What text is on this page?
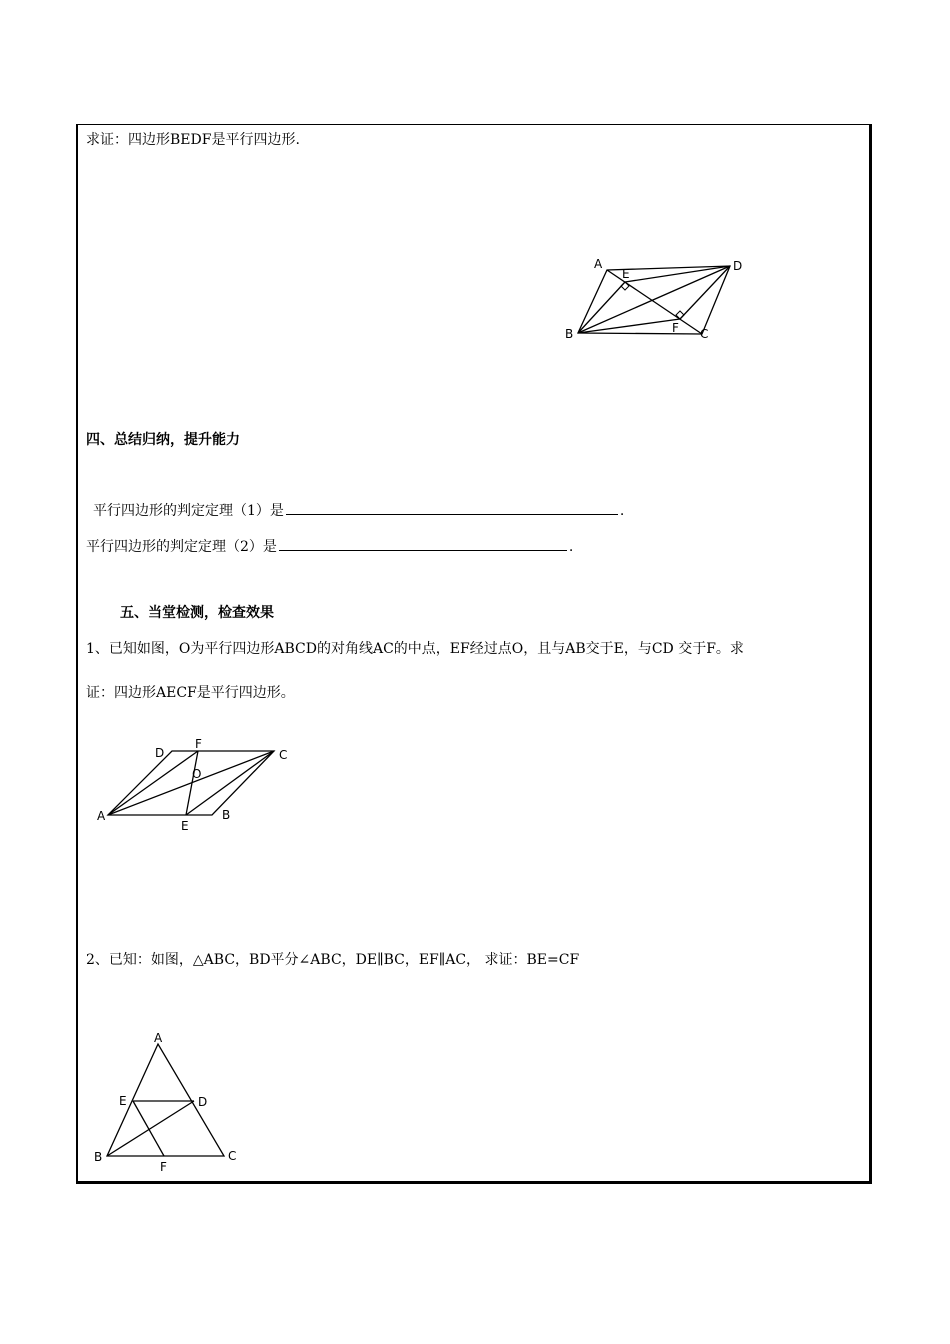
求证：四边形BEDF是平行四边形.
A
E
D
B	F C
四、总结归纳，提升能力
平行四边形的判定定理（1）是	.
平行四边形的判定定理（2）是	.
五、当堂检测，检查效果
1、已知如图，O为平行四边形ABCD的对角线AC的中点，EF经过点O，且与AB交于E，与CD 交于F。求
证：四边形AECF是平行四边形。
D
F
C
O
A
E
B
2、已知：如图，△ABC，BD平分∠ABC，DE∥BC，EF∥AC， 求证：BE=CF
A
E	D
B
F
C
